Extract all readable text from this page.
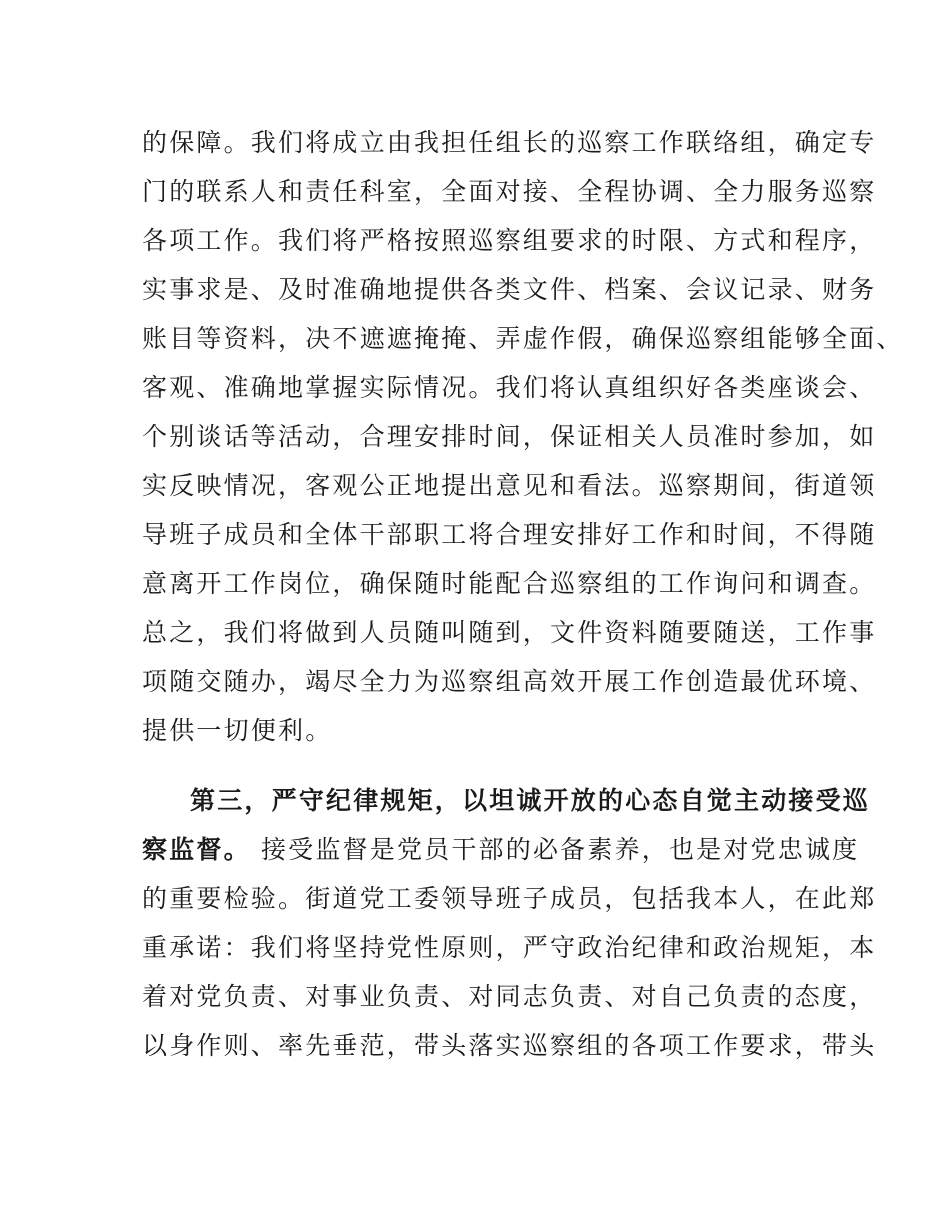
的保障。我们将成立由我担任组长的巡察工作联络组，确定专
门的联系人和责任科室，全面对接、全程协调、全力服务巡察
各项工作。我们将严格按照巡察组要求的时限、方式和程序，
实事求是、及时准确地提供各类文件、档案、会议记录、财务
账目等资料，决不遮遮掩掩、弄虚作假，确保巡察组能够全面、
客观、准确地掌握实际情况。我们将认真组织好各类座谈会、
个别谈话等活动，合理安排时间，保证相关人员准时参加，如
实反映情况，客观公正地提出意见和看法。巡察期间，街道领
导班子成员和全体干部职工将合理安排好工作和时间，不得随
意离开工作岗位，确保随时能配合巡察组的工作询问和调查。
总之，我们将做到人员随叫随到，文件资料随要随送，工作事
项随交随办，竭尽全力为巡察组高效开展工作创造最优环境、
提供一切便利。
第三，严守纪律规矩，以坦诚开放的心态自觉主动接受巡
察监督。 接受监督是党员干部的必备素养，也是对党忠诚度
的重要检验。街道党工委领导班子成员，包括我本人，在此郑
重承诺：我们将坚持党性原则，严守政治纪律和政治规矩，本
着对党负责、对事业负责、对同志负责、对自己负责的态度，
以身作则、率先垂范，带头落实巡察组的各项工作要求，带头
